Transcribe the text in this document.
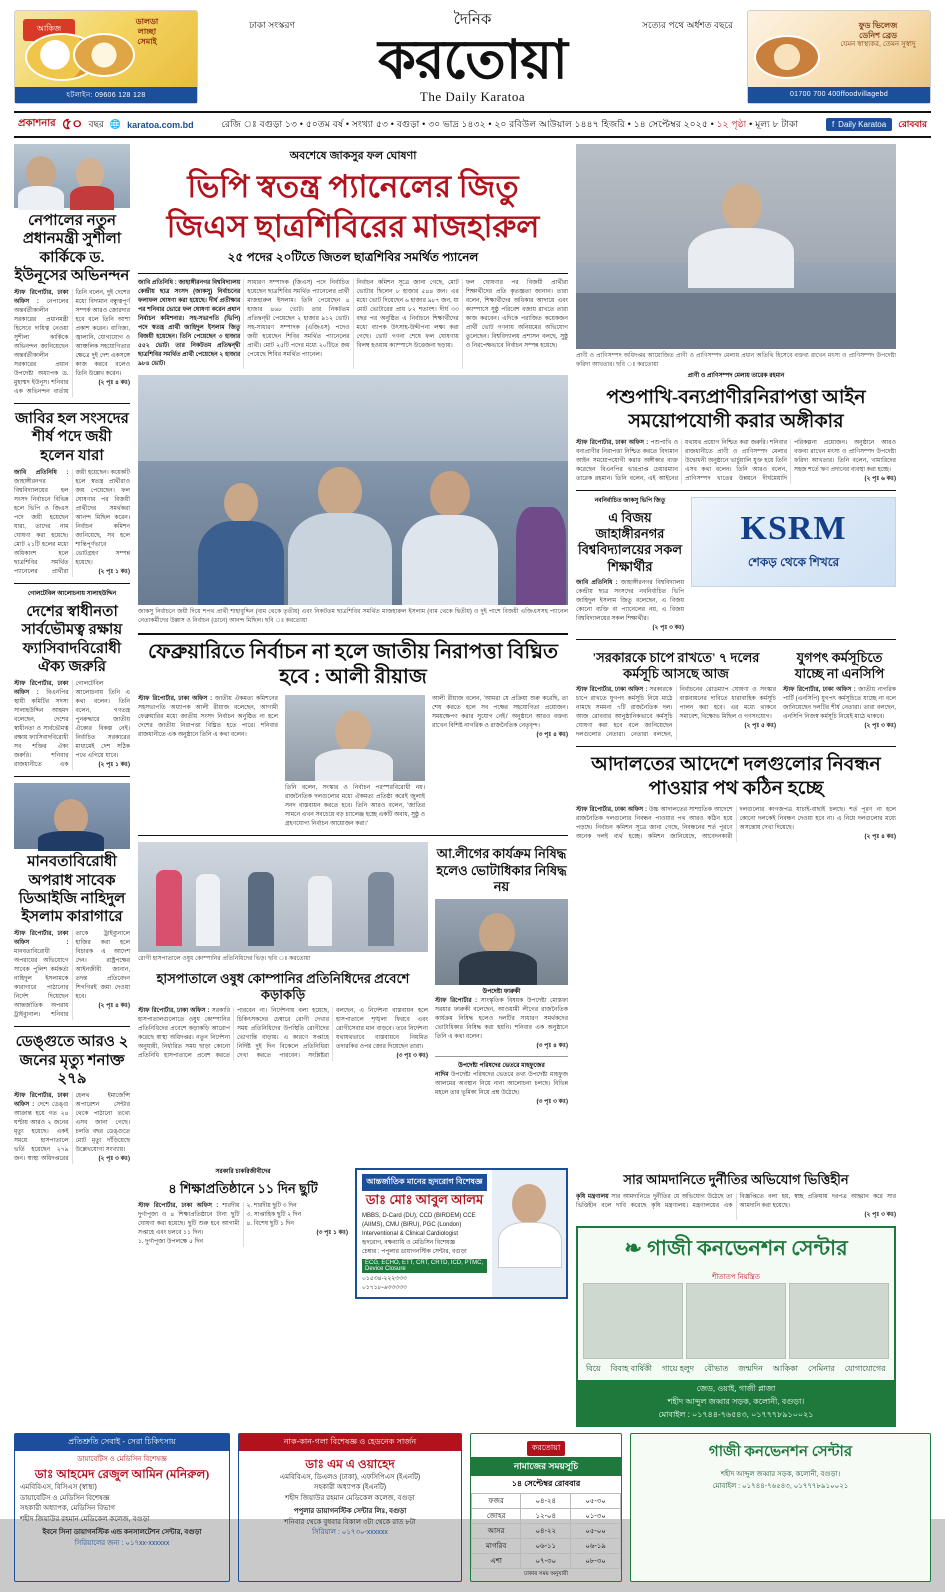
আকিজ
ডালডা
লাচ্ছা
সেমাই
হটলাইন: 09606 128 128
ঢাকা সংস্করণ	দৈনিক	সত্যের পথে অর্ধশত বছরে
করতোয়া
The Daily Karatoa
ফুড ভিলেজ
ডেনিশ ব্রেড
যেমন স্বাস্থ্যকর, তেমন সুস্বাদু
01700 700 400 f foodvillagebd
প্রকাশনার ৫০ বছর 🌐 karatoa.com.bd	রেজি ঃ বগুড়া ১৩ • ৫০তম বর্ষ • সংখ্যা ৫৩ • বগুড়া • ৩০ ভাদ্র ১৪৩২ • ২০ রবিউল আউয়াল ১৪৪৭ হিজরি • ১৪ সেপ্টেম্বর ২০২৫ • ১২ পৃষ্ঠা • মূল্য ৮ টাকা	f Daily Karatoa রোববার
নেপালের নতুন প্রধানমন্ত্রী সুশীলা কার্কিকে ড. ইউনূসের অভিনন্দন
স্টাফ রিপোর্টার, ঢাকা অফিস : নেপালের অন্তর্বর্তীকালীন সরকারের প্রধানমন্ত্রী হিসেবে দায়িত্ব নেওয়া সুশীলা কার্কিকে অভিনন্দন জানিয়েছেন অন্তর্বর্তীকালীন সরকারের প্রধান উপদেষ্টা অধ্যাপক ড. মুহাম্মদ ইউনূস। শনিবার এক অভিনন্দন বার্তায় তিনি বলেন, দুই দেশের মধ্যে বিদ্যমান বন্ধুত্বপূর্ণ সম্পর্ক আরও জোরদার হবে বলে তিনি আশা প্রকাশ করেন। বাণিজ্য, জ্বালানি, যোগাযোগ ও আঞ্চলিক সহযোগিতার ক্ষেত্রে দুই দেশ একসঙ্গে কাজ করবে বলেও তিনি উল্লেখ করেন।
(২ পৃঃ ৪ কঃ)
জাবির হল সংসদের শীর্ষ পদে জয়ী হলেন যারা
জাবি প্রতিনিধি : জাহাঙ্গীরনগর বিশ্ববিদ্যালয়ের হল সংসদ নির্বাচনে বিভিন্ন হলে ভিপি ও জিএস পদে জয়ী হয়েছেন যারা, তাদের নাম ঘোষণা করা হয়েছে। মোট ২১টি হলের মধ্যে অধিকাংশ হলে ছাত্রশিবির সমর্থিত প্যানেলের প্রার্থীরা জয়ী হয়েছেন। কয়েকটি হলে স্বতন্ত্র প্রার্থীরাও জয় পেয়েছেন। ফল ঘোষণার পর বিজয়ী প্রার্থীদের সমর্থকরা আনন্দ মিছিল করেন। নির্বাচন কমিশন জানিয়েছে, সব হলে শান্তিপূর্ণভাবে ভোটগ্রহণ সম্পন্ন হয়েছে।
(২ পৃঃ ১ কঃ)
গোলটেবিল আলোচনায় সালাহউদ্দিন
দেশের স্বাধীনতা সার্বভৌমত্ব রক্ষায় ফ্যাসিবাদবিরোধী ঐক্য জরুরি
স্টাফ রিপোর্টার, ঢাকা অফিস : বিএনপির স্থায়ী কমিটির সদস্য সালাহউদ্দিন আহমদ বলেছেন, দেশের স্বাধীনতা ও সার্বভৌমত্ব রক্ষায় ফ্যাসিবাদবিরোধী সব শক্তির ঐক্য জরুরি। শনিবার রাজধানীতে এক গোলটেবিল আলোচনায় তিনি এ কথা বলেন। তিনি বলেন, গণতন্ত্র পুনরুদ্ধারে জাতীয় ঐক্যের বিকল্প নেই। নির্বাচিত সরকারের মাধ্যমেই দেশ সঠিক পথে এগিয়ে যাবে।
(২ পৃঃ ১ কঃ)
মানবতাবিরোধী অপরাধ সাবেক ডিআইজি নাহিদুল ইসলাম কারাগারে
স্টাফ রিপোর্টার, ঢাকা অফিস : মানবতাবিরোধী অপরাধের অভিযোগে সাবেক পুলিশ কর্মকর্তা নাহিদুল ইসলামকে কারাগারে পাঠানোর নির্দেশ দিয়েছেন আন্তর্জাতিক অপরাধ ট্রাইব্যুনাল। শনিবার তাকে ট্রাইব্যুনালে হাজির করা হলে বিচারক এ আদেশ দেন। রাষ্ট্রপক্ষের আইনজীবী জানান, তদন্ত প্রতিবেদন শিগগিরই জমা দেওয়া হবে।
(২ পৃঃ ৪ কঃ)
ডেঙ্গুতে আরও ২ জনের মৃত্যু শনাক্ত ২৭৯
স্টাফ রিপোর্টার, ঢাকা অফিস : দেশে ডেঙ্গু আক্রান্ত হয়ে গত ২৪ ঘণ্টায় আরও ২ জনের মৃত্যু হয়েছে। একই সময়ে হাসপাতালে ভর্তি হয়েছেন ২৭৯ জন। স্বাস্থ্য অধিদপ্তরের হেলথ ইমার্জেন্সি অপারেশন সেন্টার থেকে পাঠানো তথ্যে এসব জানা গেছে। চলতি বছর ডেঙ্গুতে মোট মৃত্যু দাঁড়িয়েছে উল্লেখযোগ্য সংখ্যায়।
(২ পৃঃ ৩ কঃ)
অবশেষে জাকসুর ফল ঘোষণা
ভিপি স্বতন্ত্র প্যানেলের জিতু
জিএস ছাত্রশিবিরের মাজহারুল
২৫ পদের ২০টিতে জিতল ছাত্রশিবির সমর্থিত প্যানেল

জাবি প্রতিনিধি : জাহাঙ্গীরনগর বিশ্ববিদ্যালয় কেন্দ্রীয় ছাত্র সংসদ (জাকসু) নির্বাচনের ফলাফল ঘোষণা করা হয়েছে। দীর্ঘ প্রতীক্ষার পর শনিবার ভোরে ফল ঘোষণা করেন প্রধান নির্বাচন কমিশনার। সহ-সভাপতি (ভিপি) পদে স্বতন্ত্র প্রার্থী জাহিদুল ইসলাম জিতু বিজয়ী হয়েছেন। তিনি পেয়েছেন ৩ হাজার ৫৫২ ভোট। তার নিকটতম প্রতিদ্বন্দ্বী ছাত্রশিবির সমর্থিত প্রার্থী পেয়েছেন ২ হাজার ৯৮৪ ভোট।

সাধারণ সম্পাদক (জিএস) পদে নির্বাচিত হয়েছেন ছাত্রশিবির সমর্থিত প্যানেলের প্রার্থী মাজহারুল ইসলাম। তিনি পেয়েছেন ৪ হাজার ৪৬৮ ভোট। তার নিকটতম প্রতিদ্বন্দ্বী পেয়েছেন ২ হাজার ৯১২ ভোট। সহ-সাধারণ সম্পাদক (এজিএস) পদেও জয়ী হয়েছেন শিবির সমর্থিত প্যানেলের প্রার্থী। মোট ২৫টি পদের মধ্যে ২০টিতে জয় পেয়েছে শিবির সমর্থিত প্যানেল।

নির্বাচন কমিশন সূত্রে জানা গেছে, মোট ভোটার ছিলেন ৮ হাজার ৫৪৪ জন। এর মধ্যে ভোট দিয়েছেন ৬ হাজার ৯৮৭ জন, যা মোট ভোটারের প্রায় ৮২ শতাংশ। দীর্ঘ ৩৩ বছর পর অনুষ্ঠিত এ নির্বাচনে শিক্ষার্থীদের মধ্যে ব্যাপক উৎসাহ-উদ্দীপনা লক্ষ্য করা গেছে। ভোট গণনা শেষে ফল ঘোষণায় বিলম্ব হওয়ায় ক্যাম্পাসে উত্তেজনা ছড়ায়।

ফল ঘোষণার পর বিজয়ী প্রার্থীরা শিক্ষার্থীদের প্রতি কৃতজ্ঞতা জানান। তারা বলেন, শিক্ষার্থীদের অধিকার আদায়ে এবং ক্যাম্পাসে সুষ্ঠু পরিবেশ বজায় রাখতে তারা কাজ করবেন। এদিকে পরাজিত কয়েকজন প্রার্থী ভোট গণনায় অনিয়মের অভিযোগ তুলেছেন। বিশ্ববিদ্যালয় প্রশাসন বলছে, সুষ্ঠু ও নিরপেক্ষভাবে নির্বাচন সম্পন্ন হয়েছে।

জাকসু নির্বাচনে জয়ী দিয়ে শপথ প্রার্থী শাহাবুদ্দিন (বাম থেকে তৃতীয়) এবং নিকটতম ছাত্রশিবির সমর্থিত মাজহারুল ইসলাম (বাম থেকে দ্বিতীয়) ও দুই পাশে বিজয়ী এজিএসসহ প্যানেল নেতাকর্মীদের উল্লাস ও নির্বাচন (ডানে) আনন্দ মিছিল। ছবি ঃ করতোয়া
ফেব্রুয়ারিতে নির্বাচন না হলে জাতীয় নিরাপত্তা বিঘ্নিত হবে : আলী রীয়াজ
স্টাফ রিপোর্টার, ঢাকা অফিস : জাতীয় ঐকমত্য কমিশনের সহসভাপতি অধ্যাপক আলী রীয়াজ বলেছেন, আগামী ফেব্রুয়ারির মধ্যে জাতীয় সংসদ নির্বাচন অনুষ্ঠিত না হলে দেশের জাতীয় নিরাপত্তা বিঘ্নিত হতে পারে। শনিবার রাজধানীতে এক অনুষ্ঠানে তিনি এ কথা বলেন।
তিনি বলেন, সংস্কার ও নির্বাচন পরস্পরবিরোধী নয়। রাজনৈতিক দলগুলোর মধ্যে ঐকমত্য প্রতিষ্ঠা করেই জুলাই সনদ বাস্তবায়ন করতে হবে। তিনি আরও বলেন, 'জাতির সামনে এখন সবচেয়ে বড় চ্যালেঞ্জ হচ্ছে একটি অবাধ, সুষ্ঠু ও গ্রহণযোগ্য নির্বাচন আয়োজন করা।'
আলী রীয়াজ বলেন, 'আমরা যে প্রক্রিয়া শুরু করেছি, তা শেষ করতে হলে সব পক্ষের সহযোগিতা প্রয়োজন। সময়ক্ষেপণ করার সুযোগ নেই।' অনুষ্ঠানে আরও বক্তব্য রাখেন বিশিষ্ট নাগরিক ও রাজনৈতিক নেতৃবৃন্দ।
(৩ পৃঃ ৪ কঃ)
রোগী হাসপাতালে ওষুধ কোম্পানির প্রতিনিধিদের ভিড়। ছবি ঃ করতোয়া
হাসপাতালে ওষুধ কোম্পানির প্রতিনিধিদের প্রবেশে কড়াকড়ি
স্টাফ রিপোর্টার, ঢাকা অফিস : সরকারি হাসপাতালগুলোতে ওষুধ কোম্পানির প্রতিনিধিদের প্রবেশে কড়াকড়ি আরোপ করেছে স্বাস্থ্য অধিদপ্তর। নতুন নির্দেশনা অনুযায়ী, নির্ধারিত সময় ছাড়া কোনো প্রতিনিধি হাসপাতালে প্রবেশ করতে পারবেন না। নির্দেশনায় বলা হয়েছে, চিকিৎসকদের চেম্বারে রোগী দেখার সময় প্রতিনিধিদের উপস্থিতি রোগীদের ভোগান্তি বাড়ায়। এ কারণে সপ্তাহে নির্দিষ্ট দুই দিন বিকেলে প্রতিনিধিরা দেখা করতে পারবেন। সংশ্লিষ্টরা বলছেন, এ নির্দেশনা বাস্তবায়ন হলে হাসপাতালে শৃঙ্খলা ফিরবে এবং রোগীসেবার মান বাড়বে। তবে নির্দেশনা যথাযথভাবে বাস্তবায়নে নিয়মিত তদারকির ওপর জোর দিয়েছেন তারা।
(৩ পৃঃ ৩ কঃ)
আ.লীগের কার্যক্রম নিষিদ্ধ হলেও ভোটাধিকার নিষিদ্ধ নয়
উপদেষ্টা ফারুকী
স্টাফ রিপোর্টার : সাংস্কৃতিক বিষয়ক উপদেষ্টা মোস্তফা সরয়ার ফারুকী বলেছেন, আওয়ামী লীগের রাজনৈতিক কার্যক্রম নিষিদ্ধ হলেও দলটির সাধারণ সমর্থকদের ভোটাধিকার নিষিদ্ধ করা হয়নি। শনিবার এক অনুষ্ঠানে তিনি এ কথা বলেন।
(৩ পৃঃ ৪ কঃ)
উপদেষ্টা পরিষদের ভেতরে মাহফুজের
নাদিম উপদেষ্টা পরিষদের ভেতরে তথ্য উপদেষ্টা মাহফুজ আলমের অবস্থান নিয়ে নানা আলোচনা চলছে। বিভিন্ন মহলে তার ভূমিকা নিয়ে প্রশ্ন উঠেছে।
(৩ পৃঃ ৩ কঃ)
প্রাণী ও প্রাণিসম্পদ অধিদপ্তর আয়োজিত প্রাণী ও প্রাণিসম্পদ মেলায় প্রধান অতিথি হিসেবে বক্তব্য রাখেন মৎস্য ও প্রাণিসম্পদ উপদেষ্টা ফরিদা আখতার। ছবি ঃ করতোয়া
প্রাণী ও প্রাণিসম্পদ মেলায় তারেক রহমান
পশুপাখি-বন্যপ্রাণীরনিরাপত্তা আইন সময়োপযোগী করার অঙ্গীকার
স্টাফ রিপোর্টার, ঢাকা অফিস : পশুপাখি ও বন্যপ্রাণীর নিরাপত্তা নিশ্চিত করতে বিদ্যমান আইন সময়োপযোগী করার অঙ্গীকার ব্যক্ত করেছেন বিএনপির ভারপ্রাপ্ত চেয়ারম্যান তারেক রহমান। তিনি বলেন, এই আইনের যথাযথ প্রয়োগ নিশ্চিত করা জরুরি। শনিবার রাজধানীতে প্রাণী ও প্রাণিসম্পদ মেলার উদ্বোধনী অনুষ্ঠানে ভার্চুয়ালি যুক্ত হয়ে তিনি এসব কথা বলেন। তিনি আরও বলেন, প্রাণিসম্পদ খাতের উন্নয়নে দীর্ঘমেয়াদি পরিকল্পনা প্রয়োজন। অনুষ্ঠানে আরও বক্তব্য রাখেন মৎস্য ও প্রাণিসম্পদ উপদেষ্টা ফরিদা আখতার। তিনি বলেন, খামারিদের সহজ শর্তে ঋণ প্রদানের ব্যবস্থা করা হচ্ছে।
(২ পৃঃ ৬ কঃ)
নবনির্বাচিত জাকসু ভিপি জিতু
এ বিজয় জাহাঙ্গীরনগর বিশ্ববিদ্যালয়ের সকল শিক্ষার্থীর
জাবি প্রতিনিধি : জাহাঙ্গীরনগর বিশ্ববিদ্যালয় কেন্দ্রীয় ছাত্র সংসদের নবনির্বাচিত ভিপি জাহিদুল ইসলাম জিতু বলেছেন, এ বিজয় কোনো ব্যক্তি বা প্যানেলের নয়, এ বিজয় বিশ্ববিদ্যালয়ের সকল শিক্ষার্থীর।
(২ পৃঃ ৩ কঃ)
KSRM
শেকড় থেকে শিখরে
'সরকারকে চাপে রাখতে' ৭ দলের কর্মসূচি আসছে আজ
স্টাফ রিপোর্টার, ঢাকা অফিস : সরকারকে চাপে রাখতে যুগপৎ কর্মসূচি নিয়ে মাঠে নামছে সমমনা ৭টি রাজনৈতিক দল। আজ রোববার আনুষ্ঠানিকভাবে কর্মসূচি ঘোষণা করা হবে বলে জানিয়েছেন দলগুলোর নেতারা। নেতারা বলছেন, নির্বাচনের রোডম্যাপ ঘোষণা ও সংস্কার বাস্তবায়নের দাবিতে ধারাবাহিক কর্মসূচি পালন করা হবে। এর মধ্যে থাকবে সমাবেশ, বিক্ষোভ মিছিল ও গণসংযোগ।
(২ পৃঃ ৫ কঃ)
যুগপৎ কর্মসূচিতে যাচ্ছে না এনসিপি
স্টাফ রিপোর্টার, ঢাকা অফিস : জাতীয় নাগরিক পার্টি (এনসিপি) যুগপৎ কর্মসূচিতে যাচ্ছে না বলে জানিয়েছেন দলটির শীর্ষ নেতারা। তারা বলছেন, এনসিপি নিজস্ব কর্মসূচি নিয়েই মাঠে থাকবে।
(২ পৃঃ ৩ কঃ)
আদালতের আদেশে দলগুলোর নিবন্ধন পাওয়ার পথ কঠিন হচ্ছে
স্টাফ রিপোর্টার, ঢাকা অফিস : উচ্চ আদালতের সাম্প্রতিক আদেশে রাজনৈতিক দলগুলোর নিবন্ধন পাওয়ার পথ আরও কঠিন হয়ে পড়ছে। নির্বাচন কমিশন সূত্রে জানা গেছে, নিবন্ধনের শর্ত পূরণে অনেক দলই ব্যর্থ হচ্ছে। কমিশন জানিয়েছে, আবেদনকারী দলগুলোর কাগজপত্র যাচাই-বাছাই চলছে। শর্ত পূরণ না হলে কোনো দলকেই নিবন্ধন দেওয়া হবে না। এ নিয়ে দলগুলোর মধ্যে অসন্তোষ দেখা দিয়েছে।
(২ পৃঃ ৪ কঃ)
সরকারি চাকরিজীবীদের
৪ শিক্ষাপ্রতিষ্ঠানে ১১ দিন ছুটি
স্টাফ রিপোর্টার, ঢাকা অফিস : শারদীয় দুর্গাপূজা ও ৪ শিক্ষাপ্রতিষ্ঠানে টানা ছুটি ঘোষণা করা হয়েছে। ছুটি শুরু হবে আগামী সপ্তাহে এবং চলবে ১১ দিন।
১. দুর্গাপূজা উপলক্ষে ৫ দিন
২. শারদীয় ছুটি ৩ দিন
৩. সাপ্তাহিক ছুটি ২ দিন
৪. বিশেষ ছুটি ১ দিন
(৩ পৃঃ ১ কঃ)
আন্তর্জাতিক মানের হৃদরোগ বিশেষজ্ঞ
ডাঃ মোঃ আবুল আলম
MBBS, D-Card (DU), CCD (BIRDEM) CCE (AIIMS), CMU (BIRU), PGC (London)
Interventional & Clinical Cardiologist
হৃদরোগ, বক্ষব্যাধি ও মেডিসিন বিশেষজ্ঞ
চেম্বার : পপুলার ডায়াগনস্টিক সেন্টার, বগুড়া
ECG, ECHO, ETT, CRT, CRTD, ICD, PTMC, Device Closure
০১৫৩৪-২২২৩৩৩
০১৭১৮-৬৩৩৩৩৩
সার আমদানিতে দুর্নীতির অভিযোগ ভিত্তিহীন
কৃষি মন্ত্রণালয় সার আমদানিতে দুর্নীতির যে অভিযোগ উঠেছে তা ভিত্তিহীন বলে দাবি করেছে কৃষি মন্ত্রণালয়। মন্ত্রণালয়ের এক বিজ্ঞপ্তিতে বলা হয়, স্বচ্ছ প্রক্রিয়ায় দরপত্র আহ্বান করে সার আমদানি করা হয়েছে।
(২ পৃঃ ৩ কঃ)
❧ গাজী কনভেনশন সেন্টার
শীতাতপ নিয়ন্ত্রিত
বিয়ে বিবাহ বার্ষিকী গায়ে হলুদ বৌভাত জন্মদিন আকিকা সেমিনার যোগাযোগের
জেড, ওয়াই, গাজী প্লাজা
শহীদ আব্দুল জব্বার সড়ক, কলোনী, বগুড়া।
মোবাইল : ০১৭৪৪-৭৬৫৪৩, ০১৭৭৭৮৯১০০২১
প্রতিশ্রুতি সেবাই - সেরা চিকিৎসায়
ডায়াবেটিস ও মেডিসিন বিশেষজ্ঞ
ডাঃ আহমেদ রেজুল আমিন (মনিরুল)
এমবিবিএস, বিসিএস (স্বাস্থ্য)
ডায়াবেটিস ও মেডিসিন বিশেষজ্ঞ
সহকারী অধ্যাপক, মেডিসিন বিভাগ
শহীদ জিয়াউর রহমান মেডিকেল কলেজ, বগুড়া
ইবনে সিনা ডায়াগনস্টিক এন্ড কনসালটেশন সেন্টার, বগুড়া
সিরিয়ালের জন্য : ০১৭xx-xxxxxx
নাক-কান-গলা বিশেষজ্ঞ ও হেডনেক সার্জন
ডাঃ এম এ ওয়াহেদ
এমবিবিএস, ডিএলও (ঢাকা), এফসিপিএস (ইএনটি)
সহকারী অধ্যাপক (ইএনটি)
শহীদ জিয়াউর রহমান মেডিকেল কলেজ, বগুড়া
পপুলার ডায়াগনস্টিক সেন্টার লিঃ, বগুড়া
শনিবার থেকে বুধবার বিকাল ৩টা থেকে রাত ৮টা
সিরিয়াল : ০১৭৩০-xxxxxx
করতোয়া
নামাজের সময়সূচি
১৪ সেপ্টেম্বর রোববার
ফজর	০৪-২৪	০৫-৩০
জোহর	১২-০৪	০১-৩০
আসর	০৪-২২	০৫-০০
মাগরিব	০৬-১১	০৬-১৯
এশা	০৭-৩০	০৮-৩০
ঢাকার সময় অনুযায়ী
গাজী কনভেনশন সেন্টার
শহীদ আব্দুল জব্বার সড়ক, কলোনী, বগুড়া।
মোবাইল : ০১৭৪৪-৭৬৫৪৩, ০১৭৭৭৮৯১০০২১
